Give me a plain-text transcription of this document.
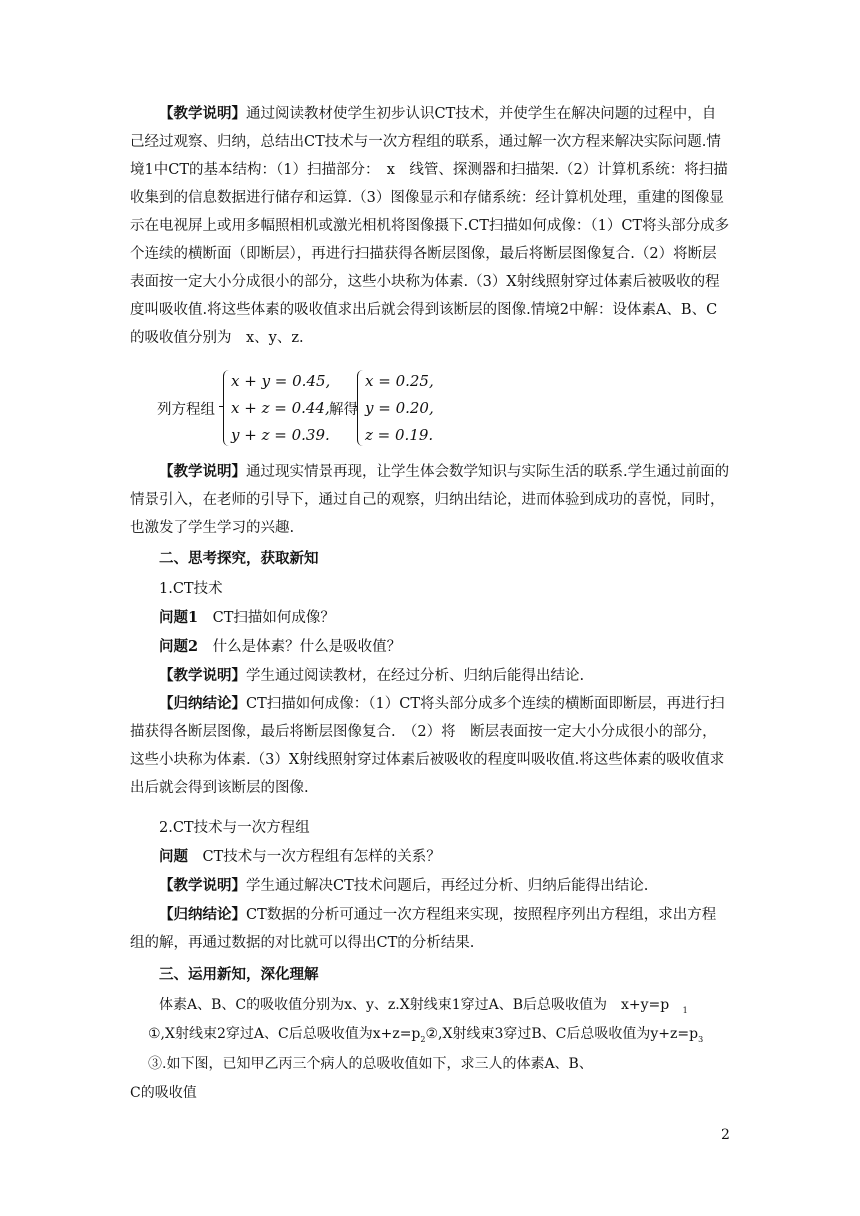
【教学说明】通过阅读教材使学生初步认识CT技术，并使学生在解决问题的过程中，自己经过观察、归纳，总结出CT技术与一次方程组的联系，通过解一次方程来解决实际问题.情境1中CT的基本结构：（1）扫描部分：　x　线管、探测器和扫描架.（2）计算机系统：将扫描收集到的信息数据进行储存和运算.（3）图像显示和存储系统：经计算机处理，重建的图像显示在电视屏上或用多幅照相机或激光相机将图像摄下.CT扫描如何成像：（1）CT将头部分成多个连续的横断面（即断层），再进行扫描获得各断层图像，最后将断层图像复合.（2）将断层表面按一定大小分成很小的部分，这些小块称为体素.（3）X射线照射穿过体素后被吸收的程度叫吸收值.将这些体素的吸收值求出后就会得到该断层的图像.情境2中解：设体素A、B、C的吸收值分别为　x、y、z.

列方程组
x + y = 0.45,
x + z = 0.44,
y + z = 0.39.
解得
x = 0.25,
y = 0.20,
z = 0.19.

【教学说明】通过现实情景再现，让学生体会数学知识与实际生活的联系.学生通过前面的情景引入，在老师的引导下，通过自己的观察，归纳出结论，进而体验到成功的喜悦，同时，也激发了学生学习的兴趣.

二、思考探究，获取新知
1.CT技术
问题1　CT扫描如何成像？
问题2　什么是体素？什么是吸收值？
【教学说明】学生通过阅读教材，在经过分析、归纳后能得出结论.

【归纳结论】CT扫描如何成像：（1）CT将头部分成多个连续的横断面即断层，再进行扫描获得各断层图像，最后将断层图像复合.　（2）将　断层表面按一定大小分成很小的部分，这些小块称为体素.（3）X射线照射穿过体素后被吸收的程度叫吸收值.将这些体素的吸收值求出后就会得到该断层的图像.

2.CT技术与一次方程组
问题　CT技术与一次方程组有怎样的关系？
【教学说明】学生通过解决CT技术问题后，再经过分析、归纳后能得出结论.

【归纳结论】CT数据的分析可通过一次方程组来实现，按照程序列出方程组，求出方程组的解，再通过数据的对比就可以得出CT的分析结果.

三、运用新知，深化理解
体素A、B、C的吸收值分别为x、y、z.X射线束1穿过A、B后总吸收值为　x+y=p $_1$
①,X射线束2穿过A、C后总吸收值为$x+z=p_2②,X$射线束3穿过B、C后总吸收值为$y+z=p_3$
③.如下图，已知甲乙丙三个病人的总吸收值如下，求三人的体素A、B、
C的吸收值
2
